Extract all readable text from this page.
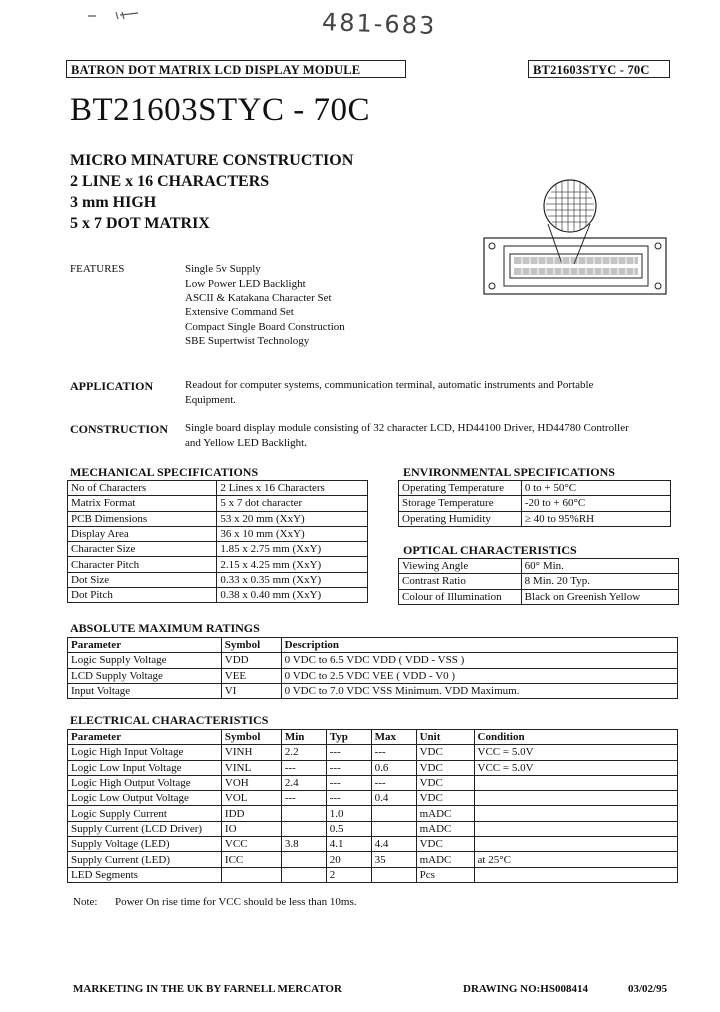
481-683
BATRON DOT MATRIX LCD DISPLAY MODULE	BT21603STYC - 70C
BT21603STYC - 70C
MICRO MINATURE CONSTRUCTION
2 LINE x 16 CHARACTERS
3 mm HIGH
5 x 7 DOT MATRIX
FEATURES	Single 5v Supply
Low Power LED Backlight
ASCII & Katakana Character Set
Extensive Command Set
Compact Single Board Construction
SBE Supertwist Technology
APPLICATION	Readout for computer systems, communication terminal, automatic instruments and Portable
Equipment.
CONSTRUCTION Single board display module consisting of 32 character LCD, HD44100 Driver, HD44780 Controller
and Yellow LED Backlight.
MECHANICAL SPECIFICATIONS
No of Characters	2 Lines x 16 Characters
Matrix Format	5 x 7 dot character
PCB Dimensions	53 x 20 mm (XxY)
Display Area	36 x 10 mm (XxY)
Character Size	1.85 x 2.75 mm (XxY)
Character Pitch	2.15 x 4.25 mm (XxY)
Dot Size	0.33 x 0.35 mm (XxY)
Dot Pitch	0.38 x 0.40 mm (XxY)
ENVIRONMENTAL SPECIFICATIONS
Operating Temperature	0 to + 50°C
Storage Temperature	-20 to + 60°C
Operating Humidity	≥ 40 to 95%RH
OPTICAL CHARACTERISTICS
Viewing Angle	60° Min.
Contrast Ratio	8 Min. 20 Typ.
Colour of Illumination	Black on Greenish Yellow
ABSOLUTE MAXIMUM RATINGS
Parameter	Symbol	Description
Logic Supply Voltage	VDD	0 VDC to 6.5 VDC VDD ( VDD - VSS )
LCD Supply Voltage	VEE	0 VDC to 2.5 VDC VEE ( VDD - V0 )
Input Voltage	VI	0 VDC to 7.0 VDC VSS Minimum. VDD Maximum.
ELECTRICAL CHARACTERISTICS
Parameter	Symbol	Min	Typ	Max	Unit	Condition
Logic High Input Voltage	VINH	2.2	---	---	VDC	VCC = 5.0V
Logic Low Input Voltage	VINL	---	---	0.6	VDC	VCC = 5.0V
Logic High Output Voltage	VOH	2.4	---	---	VDC	
Logic Low Output Voltage	VOL	---	---	0.4	VDC	
Logic Supply Current	IDD		1.0		mADC	
Supply Current (LCD Driver)	IO		0.5		mADC	
Supply Voltage (LED)	VCC	3.8	4.1	4.4	VDC	
Supply Current (LED)	ICC		20	35	mADC	at 25°C
LED Segments			2		Pcs	
Note: Power On rise time for VCC should be less than 10ms.
MARKETING IN THE UK BY FARNELL MERCATOR	DRAWING NO:HS008414	03/02/95
